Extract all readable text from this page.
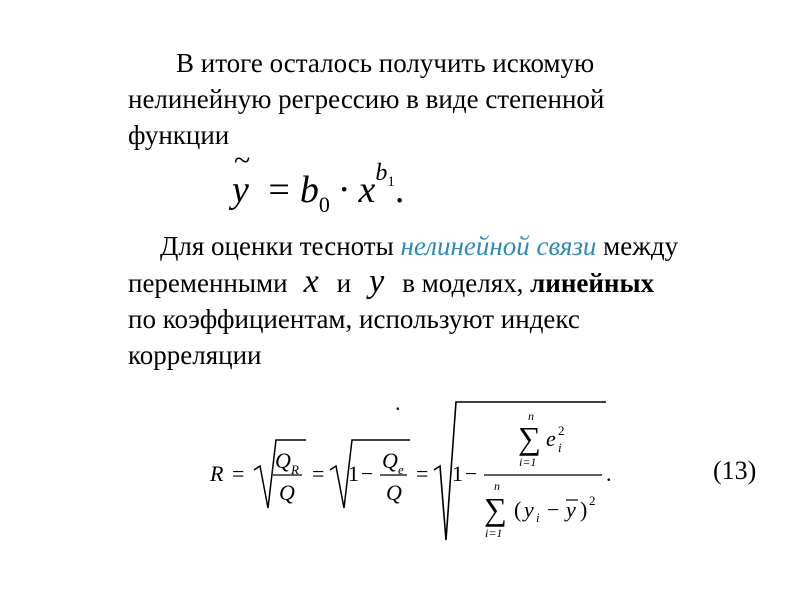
В итоге осталось получить искомую
нелинейную регрессию в виде степенной
функции
~
$y = b_0 \cdot x^{b_1}$.
Для оценки тесноты нелинейной связи между
переменными x и y в моделях, линейных
по коэффициентам, используют индекс
корреляции
.
R =
Q R
Q
= 1 −
Q e
Q
= 1 −
n
∑
i=1
e i
2
n
∑
i=1
( y i − y ) 2
.	(13)
